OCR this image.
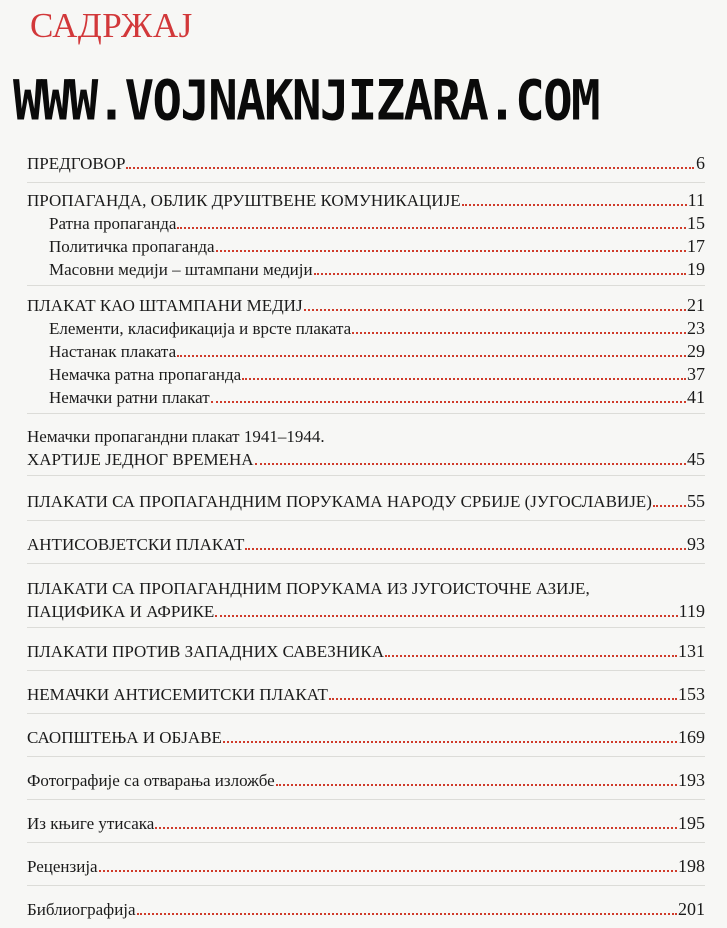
САДРЖАЈ
WWW.VOJNAKNJIZARA.COM
ПРЕДГОВОР	6
ПРОПАГАНДА, ОБЛИК ДРУШТВЕНЕ КОМУНИКАЦИЈЕ	11
Ратна пропаганда	15
Политичка пропаганда	17
Масовни медији – штампани медији	19
ПЛАКАТ КАО ШТАМПАНИ МЕДИЈ	21
Елементи, класификација и врсте плаката	23
Настанак плаката	29
Немачка ратна пропаганда	37
Немачки ратни плакат	41
Немачки пропагандни плакат 1941–1944.
ХАРТИЈЕ ЈЕДНОГ ВРЕМЕНА	45
ПЛАКАТИ СА ПРОПАГАНДНИМ ПОРУКАМА НАРОДУ СРБИЈЕ (ЈУГОСЛАВИЈЕ) 55
АНТИСОВЈЕТСКИ ПЛАКАТ	93
ПЛАКАТИ СА ПРОПАГАНДНИМ ПОРУКАМА ИЗ ЈУГОИСТОЧНЕ АЗИЈЕ,
ПАЦИФИКА И АФРИКЕ	119
ПЛАКАТИ ПРОТИВ ЗАПАДНИХ САВЕЗНИКА	131
НЕМАЧКИ АНТИСЕМИТСКИ ПЛАКАТ	153
САОПШТЕЊА И ОБЈАВЕ	169
Фотографије са отварања изложбе	193
Из књиге утисака	195
Рецензија	198
Библиографија	201
